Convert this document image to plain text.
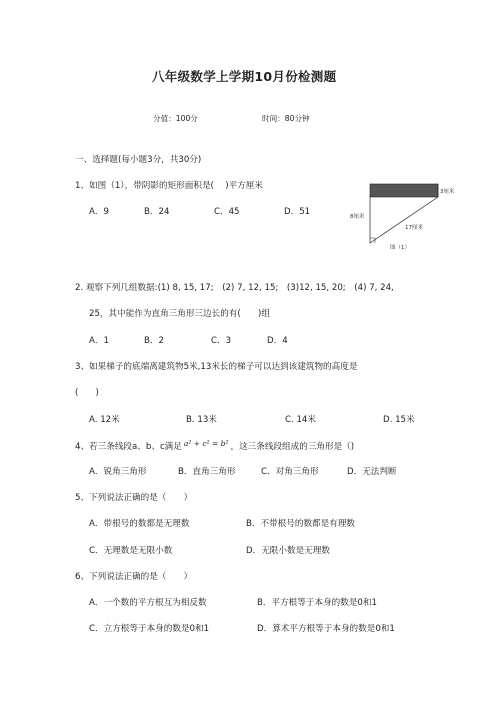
八年级数学上学期10月份检测题
分值：100分	时间：80分钟
一、选择题(每小题3分，共30分)
1、如图（1），带阴影的矩形面积是(　 )平方厘米
A．9	B．24	C．45	D．51
3厘米
8厘米
17厘米
图（1）
2. 观察下列几组数据:(1) 8, 15, 17;　(2) 7, 12, 15;　(3)12, 15, 20;　(4) 7, 24,
25，其中能作为直角三角形三边长的有(　　)组
A．1	B．2	C．3	D．4
3、如果梯子的底端离建筑物5米,13米长的梯子可以达到该建筑物的高度是
(　　)
A. 12米	B. 13米	C. 14米	D. 15米
4、若三条线段a、b、c满足 a² + c² = b² ，这三条线段组成的三角形是（)
A．锐角三角形	B．直角三角形	C．对角三角形	D．无法判断
5、下列说法正确的是（　　）
A．带根号的数都是无理数	B．不带根号的数都是有理数
C．无理数是无限小数	D．无限小数是无理数
6、下列说法正确的是（　　）
A．一个数的平方根互为相反数	B．平方根等于本身的数是0和1
C．立方根等于本身的数是0和1	D．算术平方根等于本身的数是0和1
